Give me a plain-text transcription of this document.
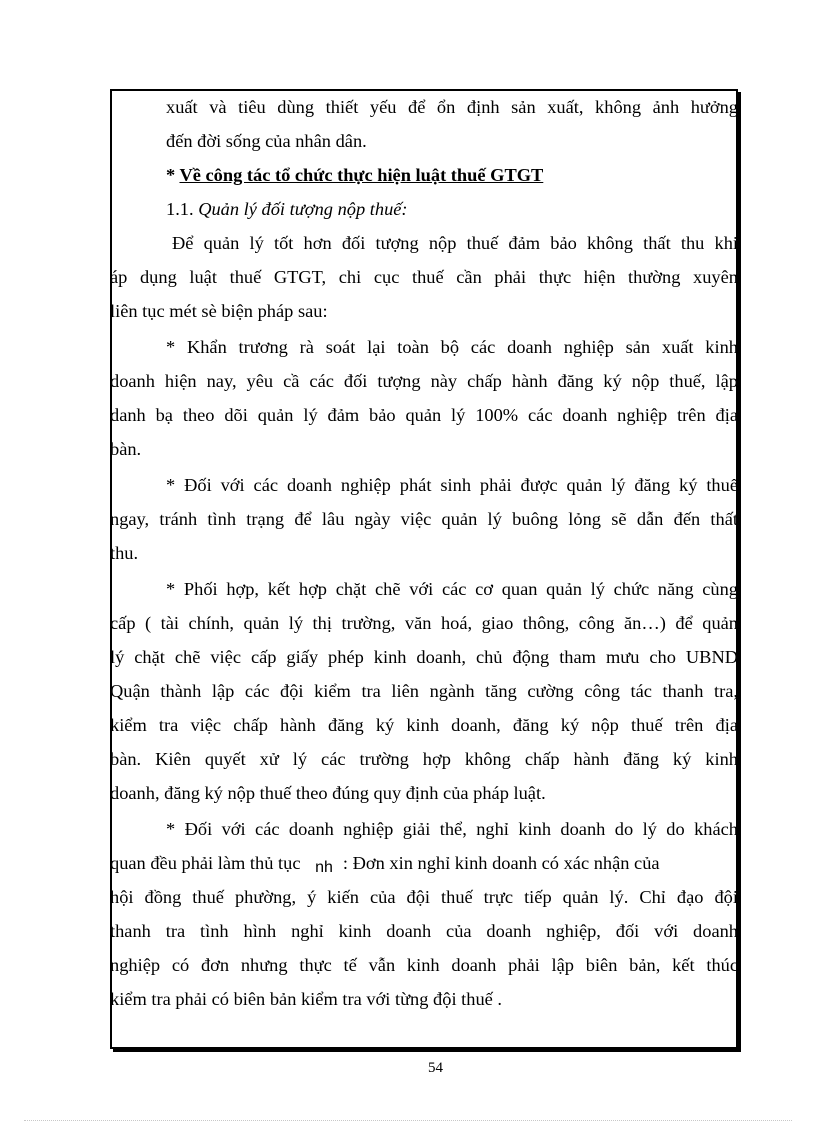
xuất và tiêu dùng thiết yếu để ổn định sản xuất, không ảnh hưởng
đến đời sống của nhân dân.
* Về công tác tổ chức thực hiện luật thuế GTGT
1.1. Quản lý đối tượng nộp thuế:
Để quản lý tốt hơn đối tượng nộp thuế đảm bảo không thất thu khi
áp dụng luật thuế GTGT, chi cục thuế cần phải thực hiện thường xuyên
liên tục mét sè biện pháp sau:
* Khẩn trương rà soát lại toàn bộ các doanh nghiệp sản xuất kinh
doanh hiện nay, yêu cầ các đối tượng này chấp hành đăng ký nộp thuế, lập
danh bạ theo dõi quản lý đảm bảo quản lý 100% các doanh nghiệp trên địa
bàn.
* Đối với các doanh nghiệp phát sinh phải được quản lý đăng ký thuế
ngay, tránh tình trạng để lâu ngày việc quản lý buông lỏng sẽ dẫn đến thất
thu.
* Phối hợp, kết hợp chặt chẽ với các cơ quan quản lý chức năng cùng
cấp ( tài chính, quản lý thị trường, văn hoá, giao thông, công ăn…) để quản
lý chặt chẽ việc cấp giấy phép kinh doanh, chủ động tham mưu cho UBND
Quận thành lập các đội kiểm tra liên ngành tăng cường công tác thanh tra,
kiểm tra việc chấp hành đăng ký kinh doanh, đăng ký nộp thuế trên địa
bàn. Kiên quyết xử lý các trường hợp không chấp hành đăng ký kinh
doanh, đăng ký nộp thuế theo đúng quy định của pháp luật.
* Đối với các doanh nghiệp giải thể, nghỉ kinh doanh do lý do khách
quan đều phải làm thủ tục nh : Đơn xin nghỉ kinh doanh có xác nhận của
hội đồng thuế phường, ý kiến của đội thuế trực tiếp quản lý. Chỉ đạo đội
thanh tra tình hình nghỉ kinh doanh của doanh nghiệp, đối với doanh
nghiệp có đơn nhưng thực tế vẫn kinh doanh phải lập biên bản, kết thúc
kiểm tra phải có biên bản kiểm tra với từng đội thuế .
54
